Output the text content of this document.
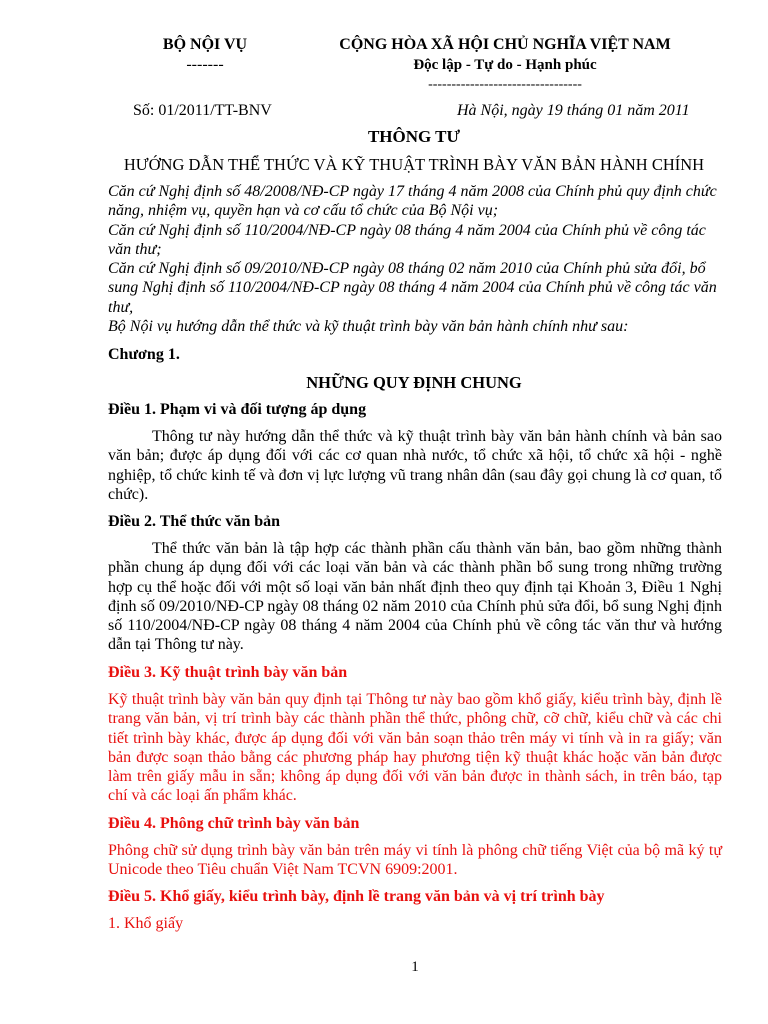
BỘ NỘI VỤ
-------
CỘNG HÒA XÃ HỘI CHỦ NGHĨA VIỆT NAM
Độc lập - Tự do - Hạnh phúc
---------------------------------
Số: 01/2011/TT-BNV	Hà Nội, ngày 19 tháng 01 năm 2011
THÔNG TƯ
HƯỚNG DẪN THỂ THỨC VÀ KỸ THUẬT TRÌNH BÀY VĂN BẢN HÀNH CHÍNH

Căn cứ Nghị định số 48/2008/NĐ-CP ngày 17 tháng 4 năm 2008 của Chính phủ quy định chức năng, nhiệm vụ, quyền hạn và cơ cấu tổ chức của Bộ Nội vụ;

Căn cứ Nghị định số 110/2004/NĐ-CP ngày 08 tháng 4 năm 2004 của Chính phủ về công tác văn thư;

Căn cứ Nghị định số 09/2010/NĐ-CP ngày 08 tháng 02 năm 2010 của Chính phủ sửa đổi, bổ sung Nghị định số 110/2004/NĐ-CP ngày 08 tháng 4 năm 2004 của Chính phủ về công tác văn thư,

Bộ Nội vụ hướng dẫn thể thức và kỹ thuật trình bày văn bản hành chính như sau:

Chương 1.
NHỮNG QUY ĐỊNH CHUNG
Điều 1. Phạm vi và đối tượng áp dụng
Thông tư này hướng dẫn thể thức và kỹ thuật trình bày văn bản hành chính và bản sao văn bản; được áp dụng đối với các cơ quan nhà nước, tổ chức xã hội, tổ chức xã hội - nghề nghiệp, tổ chức kinh tế và đơn vị lực lượng vũ trang nhân dân (sau đây gọi chung là cơ quan, tổ chức).
Điều 2. Thể thức văn bản
Thể thức văn bản là tập hợp các thành phần cấu thành văn bản, bao gồm những thành phần chung áp dụng đối với các loại văn bản và các thành phần bổ sung trong những trường hợp cụ thể hoặc đối với một số loại văn bản nhất định theo quy định tại Khoản 3, Điều 1 Nghị định số 09/2010/NĐ-CP ngày 08 tháng 02 năm 2010 của Chính phủ sửa đổi, bổ sung Nghị định số 110/2004/NĐ-CP ngày 08 tháng 4 năm 2004 của Chính phủ về công tác văn thư và hướng dẫn tại Thông tư này.
Điều 3. Kỹ thuật trình bày văn bản
Kỹ thuật trình bày văn bản quy định tại Thông tư này bao gồm khổ giấy, kiểu trình bày, định lề trang văn bản, vị trí trình bày các thành phần thể thức, phông chữ, cỡ chữ, kiểu chữ và các chi tiết trình bày khác, được áp dụng đối với văn bản soạn thảo trên máy vi tính và in ra giấy; văn bản được soạn thảo bằng các phương pháp hay phương tiện kỹ thuật khác hoặc văn bản được làm trên giấy mẫu in sẵn; không áp dụng đối với văn bản được in thành sách, in trên báo, tạp chí và các loại ấn phẩm khác.
Điều 4. Phông chữ trình bày văn bản
Phông chữ sử dụng trình bày văn bản trên máy vi tính là phông chữ tiếng Việt của bộ mã ký tự Unicode theo Tiêu chuẩn Việt Nam TCVN 6909:2001.
Điều 5. Khổ giấy, kiểu trình bày, định lề trang văn bản và vị trí trình bày
1. Khổ giấy
1
